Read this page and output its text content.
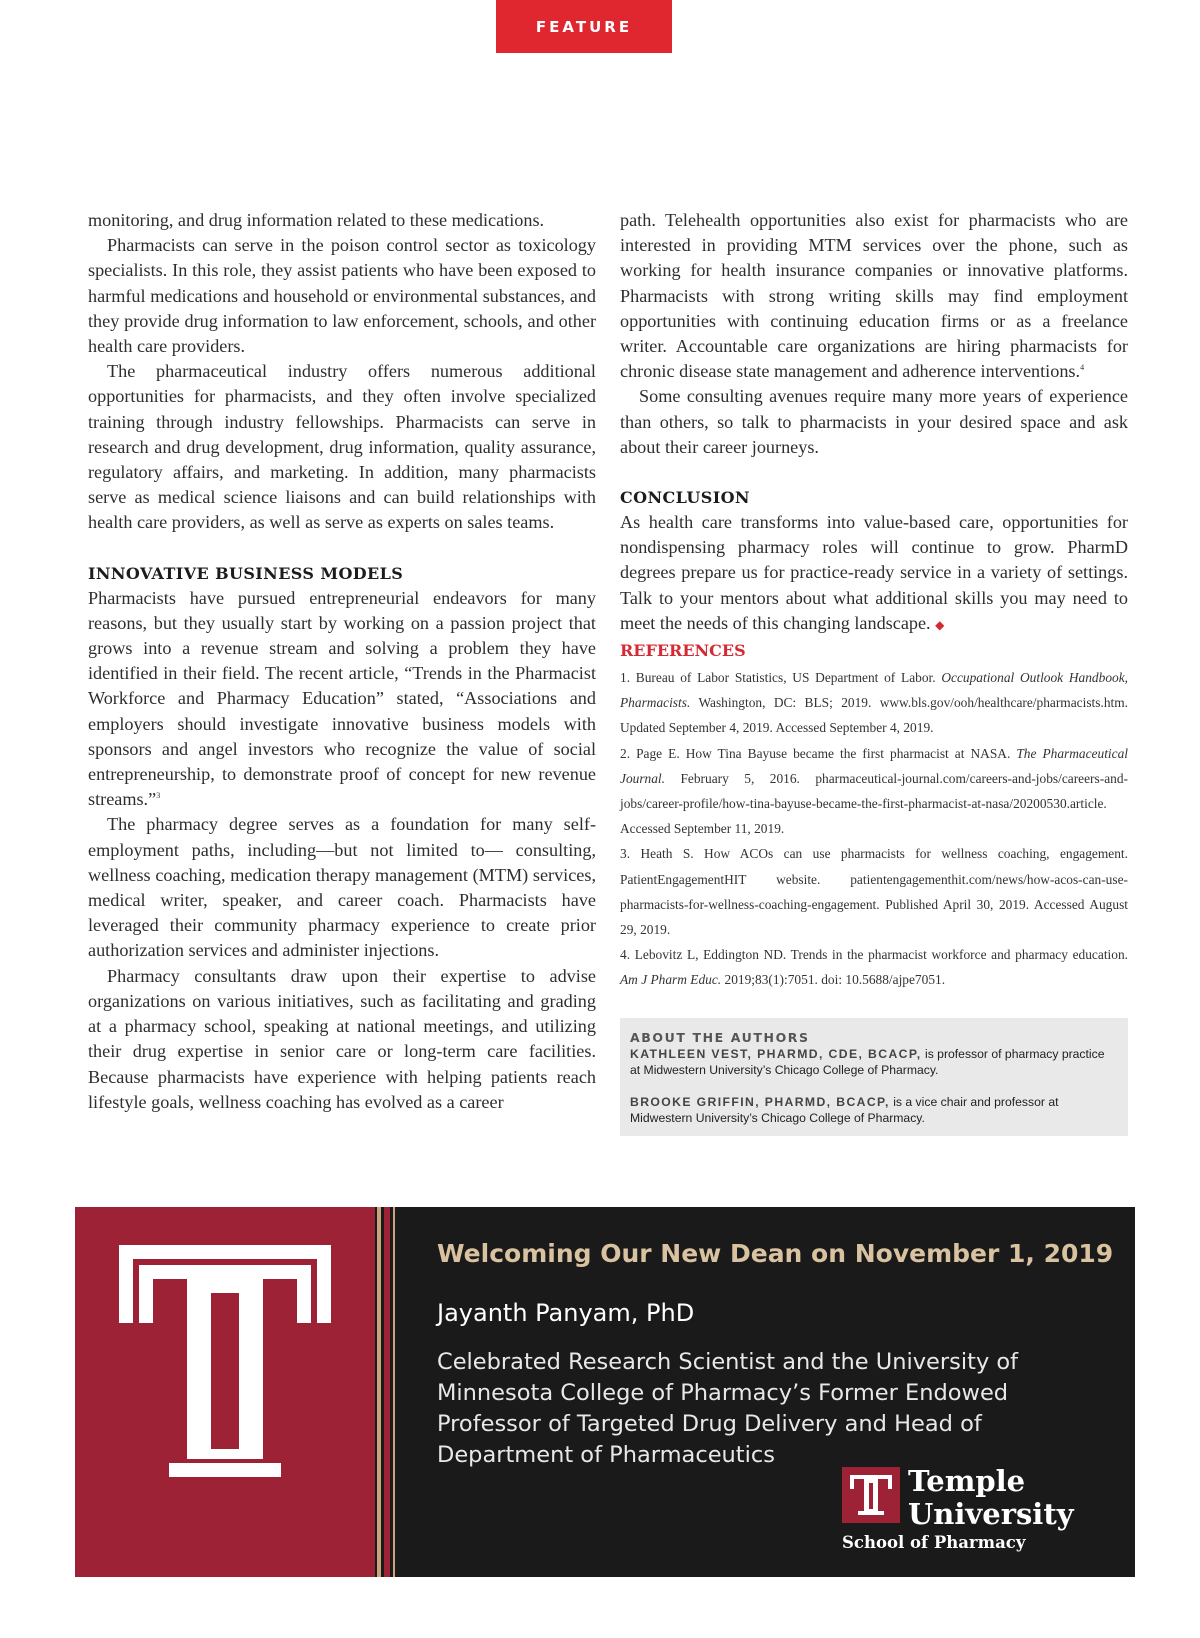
FEATURE

monitoring, and drug information related to these medications.

Pharmacists can serve in the poison control sector as toxicology specialists. In this role, they assist patients who have been exposed to harmful medications and household or environmental substances, and they provide drug information to law enforcement, schools, and other health care providers.

The pharmaceutical industry offers numerous additional opportunities for pharmacists, and they often involve specialized training through industry fellowships. Pharmacists can serve in research and drug development, drug information, quality assurance, regulatory affairs, and marketing. In addition, many pharmacists serve as medical science liaisons and can build relationships with health care providers, as well as serve as experts on sales teams.

INNOVATIVE BUSINESS MODELS

Pharmacists have pursued entrepreneurial endeavors for many reasons, but they usually start by working on a passion project that grows into a revenue stream and solving a problem they have identified in their field. The recent article, “Trends in the Pharmacist Workforce and Pharmacy Education” stated, “Associations and employers should investigate innovative business models with sponsors and angel investors who recognize the value of social entrepreneurship, to demonstrate proof of concept for new revenue streams.”$^3$

The pharmacy degree serves as a foundation for many self-employment paths, including—but not limited to— consulting, wellness coaching, medication therapy management (MTM) services, medical writer, speaker, and career coach. Pharmacists have leveraged their community pharmacy experience to create prior authorization services and administer injections.

Pharmacy consultants draw upon their expertise to advise organizations on various initiatives, such as facilitating and grading at a pharmacy school, speaking at national meetings, and utilizing their drug expertise in senior care or long-term care facilities. Because pharmacists have experience with helping patients reach lifestyle goals, wellness coaching has evolved as a career

path. Telehealth opportunities also exist for pharmacists who are interested in providing MTM services over the phone, such as working for health insurance companies or innovative platforms. Pharmacists with strong writing skills may find employment opportunities with continuing education firms or as a freelance writer. Accountable care organizations are hiring pharmacists for chronic disease state management and adherence interventions.$^4$

Some consulting avenues require many more years of experience than others, so talk to pharmacists in your desired space and ask about their career journeys.

CONCLUSION

As health care transforms into value-based care, opportunities for nondispensing pharmacy roles will continue to grow. PharmD degrees prepare us for practice-ready service in a variety of settings. Talk to your mentors about what additional skills you may need to meet the needs of this changing landscape. ◆

REFERENCES

1. Bureau of Labor Statistics, US Department of Labor. Occupational Outlook Handbook, Pharmacists. Washington, DC: BLS; 2019. www.bls.gov/ooh/healthcare/pharmacists.htm. Updated September 4, 2019. Accessed September 4, 2019.
2. Page E. How Tina Bayuse became the first pharmacist at NASA. The Pharmaceutical Journal. February 5, 2016. pharmaceutical-journal.com/careers-and-jobs/careers-and-jobs/career-profile/how-tina-bayuse-became-the-first-pharmacist-at-nasa/20200530.article. Accessed September 11, 2019.
3. Heath S. How ACOs can use pharmacists for wellness coaching, engagement. PatientEngagementHIT website. patientengagementhit.com/news/how-acos-can-use-pharmacists-for-wellness-coaching-engagement. Published April 30, 2019. Accessed August 29, 2019.
4. Lebovitz L, Eddington ND. Trends in the pharmacist workforce and pharmacy education. Am J Pharm Educ. 2019;83(1):7051. doi: 10.5688/ajpe7051.
ABOUT THE AUTHORS

KATHLEEN VEST, PHARMD, CDE, BCACP, is professor of pharmacy practice at Midwestern University’s Chicago College of Pharmacy.

BROOKE GRIFFIN, PHARMD, BCACP, is a vice chair and professor at Midwestern University’s Chicago College of Pharmacy.

Welcoming Our New Dean on November 1, 2019
Jayanth Panyam, PhD
Celebrated Research Scientist and the University of
Minnesota College of Pharmacy’s Former Endowed
Professor of Targeted Drug Delivery and Head of
Department of Pharmaceutics
Temple
University
School of Pharmacy
